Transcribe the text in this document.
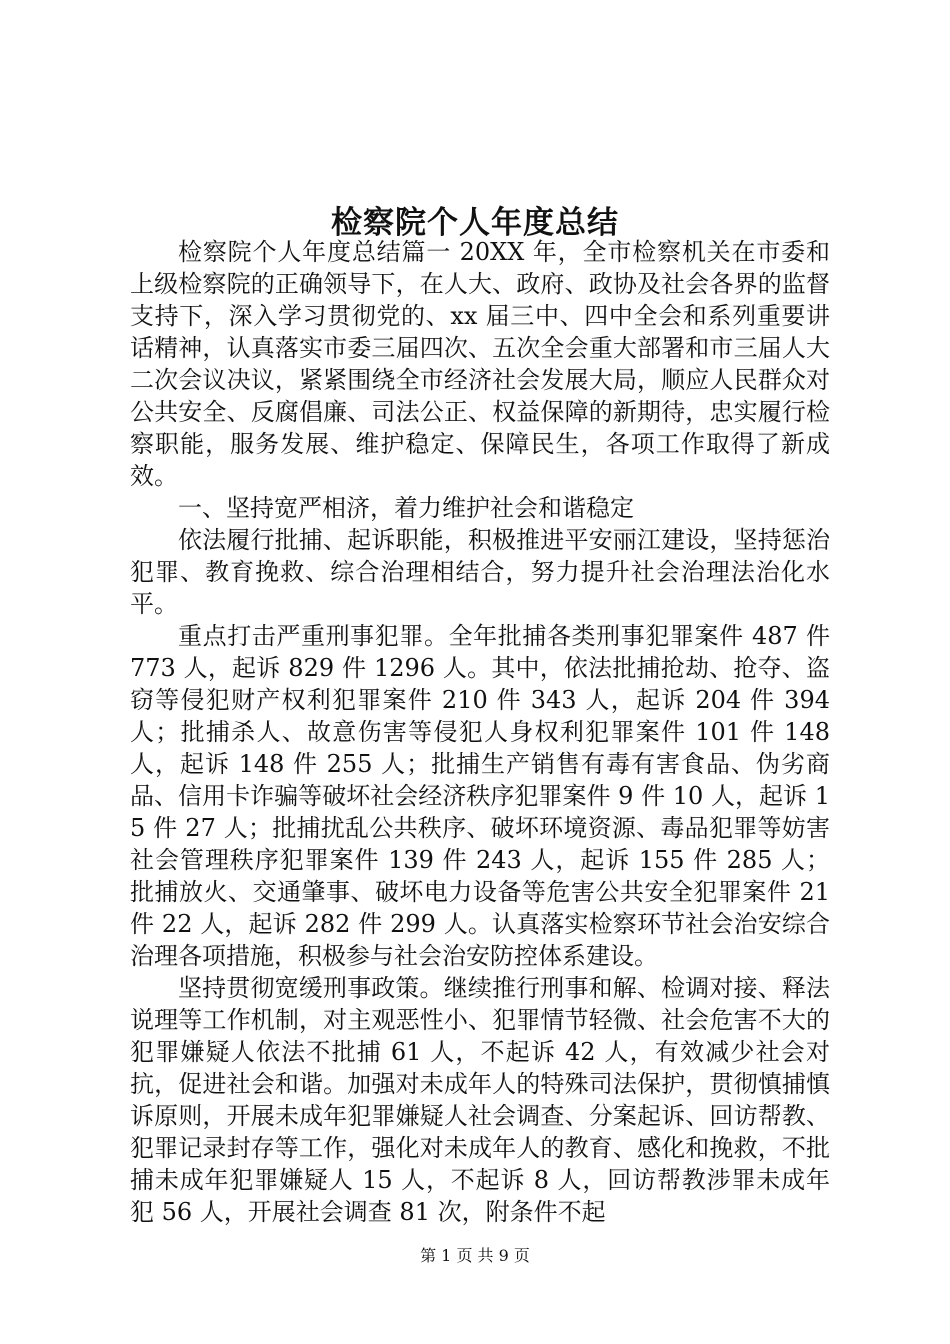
检察院个人年度总结

检察院个人年度总结篇一 20XX 年，全市检察机关在市委和上级检察院的正确领导下，在人大、政府、政协及社会各界的监督支持下，深入学习贯彻党的、xx 届三中、四中全会和系列重要讲话精神，认真落实市委三届四次、五次全会重大部署和市三届人大二次会议决议，紧紧围绕全市经济社会发展大局，顺应人民群众对公共安全、反腐倡廉、司法公正、权益保障的新期待，忠实履行检察职能，服务发展、维护稳定、保障民生，各项工作取得了新成效。

一、坚持宽严相济，着力维护社会和谐稳定

依法履行批捕、起诉职能，积极推进平安丽江建设，坚持惩治犯罪、教育挽救、综合治理相结合，努力提升社会治理法治化水平。

重点打击严重刑事犯罪。全年批捕各类刑事犯罪案件 487 件 773 人，起诉 829 件 1296 人。其中，依法批捕抢劫、抢夺、盗窃等侵犯财产权利犯罪案件 210 件 343 人，起诉 204 件 394 人；批捕杀人、故意伤害等侵犯人身权利犯罪案件 101 件 148 人，起诉 148 件 255 人；批捕生产销售有毒有害食品、伪劣商品、信用卡诈骗等破坏社会经济秩序犯罪案件 9 件 10 人，起诉 15 件 27 人；批捕扰乱公共秩序、破坏环境资源、毒品犯罪等妨害社会管理秩序犯罪案件 139 件 243 人，起诉 155 件 285 人；批捕放火、交通肇事、破坏电力设备等危害公共安全犯罪案件 21 件 22 人，起诉 282 件 299 人。认真落实检察环节社会治安综合治理各项措施，积极参与社会治安防控体系建设。

坚持贯彻宽缓刑事政策。继续推行刑事和解、检调对接、释法说理等工作机制，对主观恶性小、犯罪情节轻微、社会危害不大的犯罪嫌疑人依法不批捕 61 人，不起诉 42 人，有效减少社会对抗，促进社会和谐。加强对未成年人的特殊司法保护，贯彻慎捕慎诉原则，开展未成年犯罪嫌疑人社会调查、分案起诉、回访帮教、犯罪记录封存等工作，强化对未成年人的教育、感化和挽救，不批捕未成年犯罪嫌疑人 15 人，不起诉 8 人，回访帮教涉罪未成年犯 56 人，开展社会调查 81 次，附条件不起

第 1 页 共 9 页
